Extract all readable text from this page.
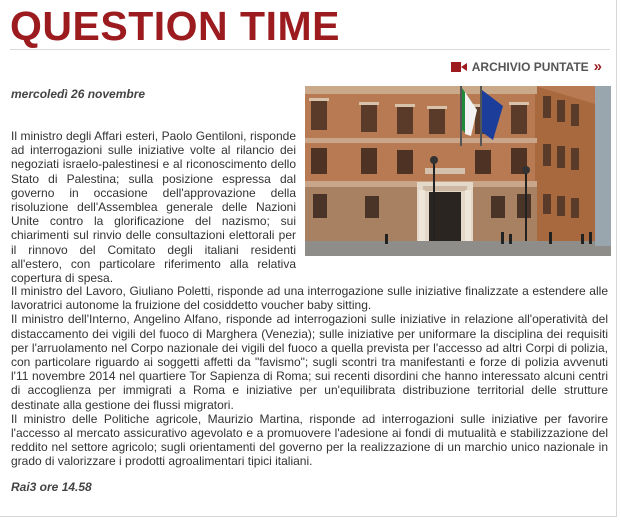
QUESTION TIME
ARCHIVIO PUNTATE »
mercoledì 26 novembre
Il ministro degli Affari esteri, Paolo Gentiloni, risponde ad interrogazioni sulle iniziative volte al rilancio dei negoziati israelo-palestinesi e al riconoscimento dello Stato di Palestina; sulla posizione espressa dal governo in occasione dell'approvazione della risoluzione dell'Assemblea generale delle Nazioni Unite contro la glorificazione del nazismo; sui chiarimenti sul rinvio delle consultazioni elettorali per il rinnovo del Comitato degli italiani residenti all'estero, con particolare riferimento alla relativa copertura di spesa.

Il ministro del Lavoro, Giuliano Poletti, risponde ad una interrogazione sulle iniziative finalizzate a estendere alle lavoratrici autonome la fruizione del cosiddetto voucher baby sitting.

Il ministro dell'Interno, Angelino Alfano, risponde ad interrogazioni sulle iniziative in relazione all'operatività del distaccamento dei vigili del fuoco di Marghera (Venezia); sulle iniziative per uniformare la disciplina dei requisiti per l'arruolamento nel Corpo nazionale dei vigili del fuoco a quella prevista per l'accesso ad altri Corpi di polizia, con particolare riguardo ai soggetti affetti da "favismo"; sugli scontri tra manifestanti e forze di polizia avvenuti l'11 novembre 2014 nel quartiere Tor Sapienza di Roma; sui recenti disordini che hanno interessato alcuni centri di accoglienza per immigrati a Roma e iniziative per un'equilibrata distribuzione territorial delle strutture destinate alla gestione dei flussi migratori.

Il ministro delle Politiche agricole, Maurizio Martina, risponde ad interrogazioni sulle iniziative per favorire l'accesso al mercato assicurativo agevolato e a promuovere l'adesione ai fondi di mutualità e stabilizzazione del reddito nel settore agricolo; sugli orientamenti del governo per la realizzazione di un marchio unico nazionale in grado di valorizzare i prodotti agroalimentari tipici italiani.

Rai3 ore 14.58
